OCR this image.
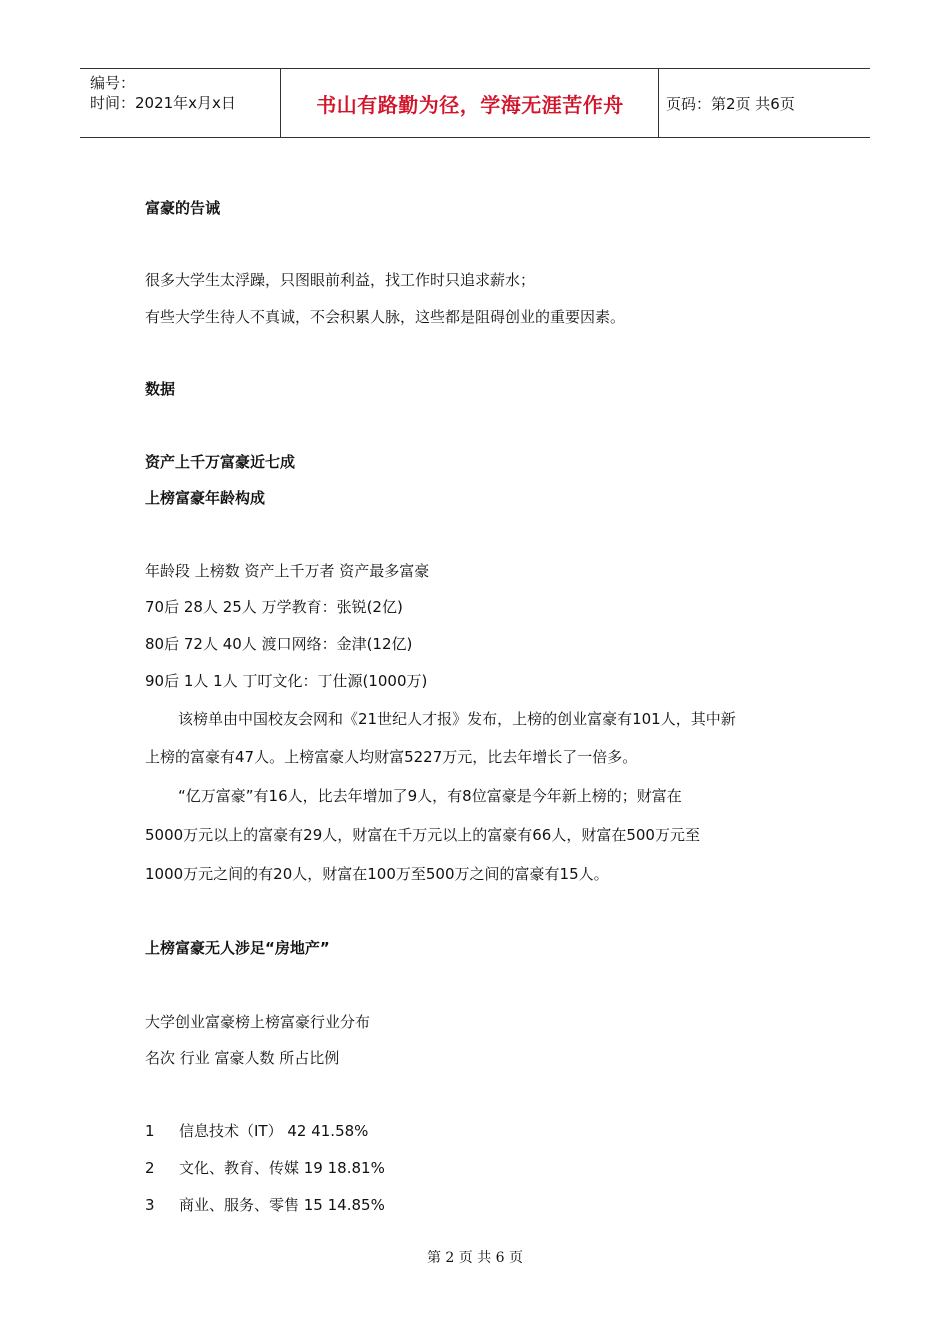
编号：
时间：2021年x月x日	书山有路勤为径，学海无涯苦作舟	页码：第2页 共6页
富豪的告诫
很多大学生太浮躁，只图眼前利益，找工作时只追求薪水；
有些大学生待人不真诚，不会积累人脉，这些都是阻碍创业的重要因素。
数据
资产上千万富豪近七成
上榜富豪年龄构成
年龄段 上榜数 资产上千万者 资产最多富豪
70后 28人 25人 万学教育：张锐(2亿)
80后 72人 40人 渡口网络：金津(12亿)
90后 1人 1人 丁叮文化：丁仕源(1000万)
该榜单由中国校友会网和《21世纪人才报》发布，上榜的创业富豪有101人，其中新
上榜的富豪有47人。上榜富豪人均财富5227万元，比去年增长了一倍多。
“亿万富豪”有16人，比去年增加了9人，有8位富豪是今年新上榜的；财富在
5000万元以上的富豪有29人，财富在千万元以上的富豪有66人，财富在500万元至
1000万元之间的有20人，财富在100万至500万之间的富豪有15人。
上榜富豪无人涉足“房地产”
大学创业富豪榜上榜富豪行业分布
名次 行业 富豪人数 所占比例
1 信息技术（IT） 42 41.58%
2 文化、教育、传媒 19 18.81%
3 商业、服务、零售 15 14.85%
第 2 页 共 6 页
